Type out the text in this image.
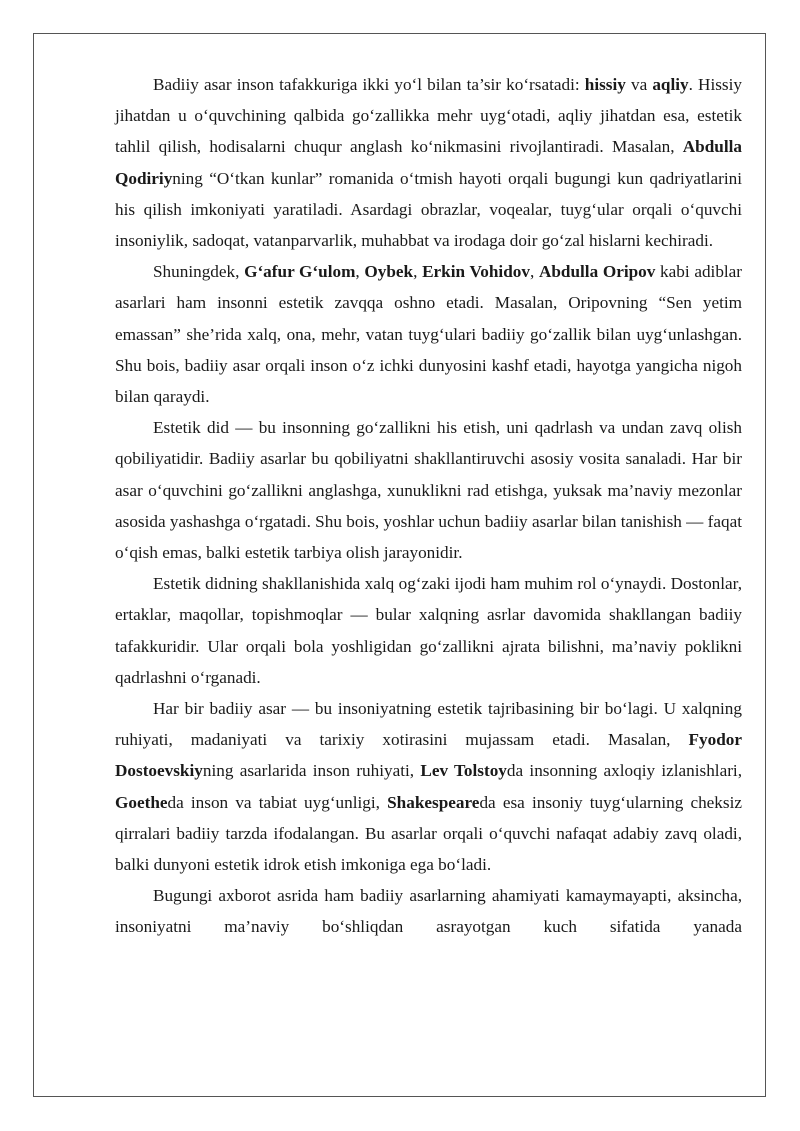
Badiiy asar inson tafakkuriga ikki yo‘l bilan ta’sir ko‘rsatadi: hissiy va aqliy. Hissiy jihatdan u o‘quvchining qalbida go‘zallikka mehr uyg‘otadi, aqliy jihatdan esa, estetik tahlil qilish, hodisalarni chuqur anglash ko‘nikmasini rivojlantiradi. Masalan, Abdulla Qodiriyning “O‘tkan kunlar” romanida o‘tmish hayoti orqali bugungi kun qadriyatlarini his qilish imkoniyati yaratiladi. Asardagi obrazlar, voqealar, tuyg‘ular orqali o‘quvchi insoniylik, sadoqat, vatanparvarlik, muhabbat va irodaga doir go‘zal hislarni kechiradi.

Shuningdek, G‘afur G‘ulom, Oybek, Erkin Vohidov, Abdulla Oripov kabi adiblar asarlari ham insonni estetik zavqqa oshno etadi. Masalan, Oripovning “Sen yetim emassan” she’rida xalq, ona, mehr, vatan tuyg‘ulari badiiy go‘zallik bilan uyg‘unlashgan. Shu bois, badiiy asar orqali inson o‘z ichki dunyosini kashf etadi, hayotga yangicha nigoh bilan qaraydi.

Estetik did — bu insonning go‘zallikni his etish, uni qadrlash va undan zavq olish qobiliyatidir. Badiiy asarlar bu qobiliyatni shakllantiruvchi asosiy vosita sanaladi. Har bir asar o‘quvchini go‘zallikni anglashga, xunuklikni rad etishga, yuksak ma’naviy mezonlar asosida yashashga o‘rgatadi. Shu bois, yoshlar uchun badiiy asarlar bilan tanishish — faqat o‘qish emas, balki estetik tarbiya olish jarayonidir.

Estetik didning shakllanishida xalq og‘zaki ijodi ham muhim rol o‘ynaydi. Dostonlar, ertaklar, maqollar, topishmoqlar — bular xalqning asrlar davomida shakllangan badiiy tafakkuridir. Ular orqali bola yoshligidan go‘zallikni ajrata bilishni, ma’naviy poklikni qadrlashni o‘rganadi.

Har bir badiiy asar — bu insoniyatning estetik tajribasining bir bo‘lagi. U xalqning ruhiyati, madaniyati va tarixiy xotirasini mujassam etadi. Masalan, Fyodor Dostoevskiyning asarlarida inson ruhiyati, Lev Tolstoyda insonning axloqiy izlanishlari, Goetheda inson va tabiat uyg‘unligi, Shakespeareda esa insoniy tuyg‘ularning cheksiz qirralari badiiy tarzda ifodalangan. Bu asarlar orqali o‘quvchi nafaqat adabiy zavq oladi, balki dunyoni estetik idrok etish imkoniga ega bo‘ladi.

Bugungi axborot asrida ham badiiy asarlarning ahamiyati kamaymayapti, aksincha, insoniyatni ma’naviy bo‘shliqdan asrayotgan kuch sifatida yanada
